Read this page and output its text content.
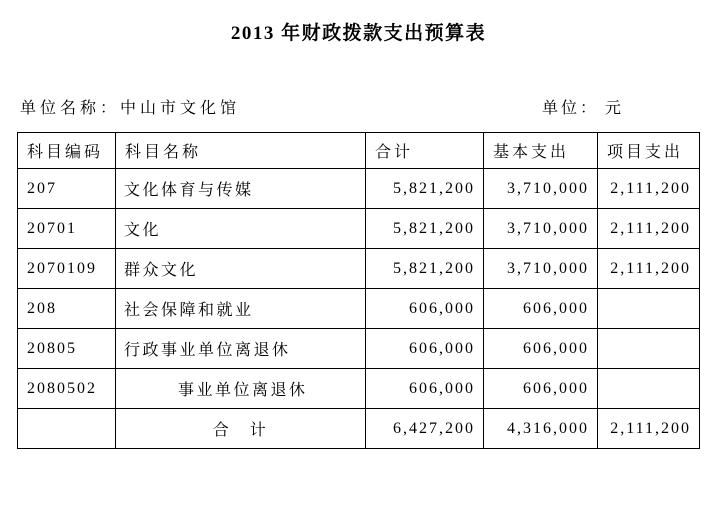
2013 年财政拨款支出预算表
单位名称：中山市文化馆	单位： 元
科目编码	科目名称	合计	基本支出	项目支出
207	文化体育与传媒	5,821,200	3,710,000	2,111,200
20701	文化	5,821,200	3,710,000	2,111,200
2070109	群众文化	5,821,200	3,710,000	2,111,200
208	社会保障和就业	606,000	606,000	
20805	行政事业单位离退休	606,000	606,000	
2080502	事业单位离退休	606,000	606,000	
	合　计	6,427,200	4,316,000	2,111,200
